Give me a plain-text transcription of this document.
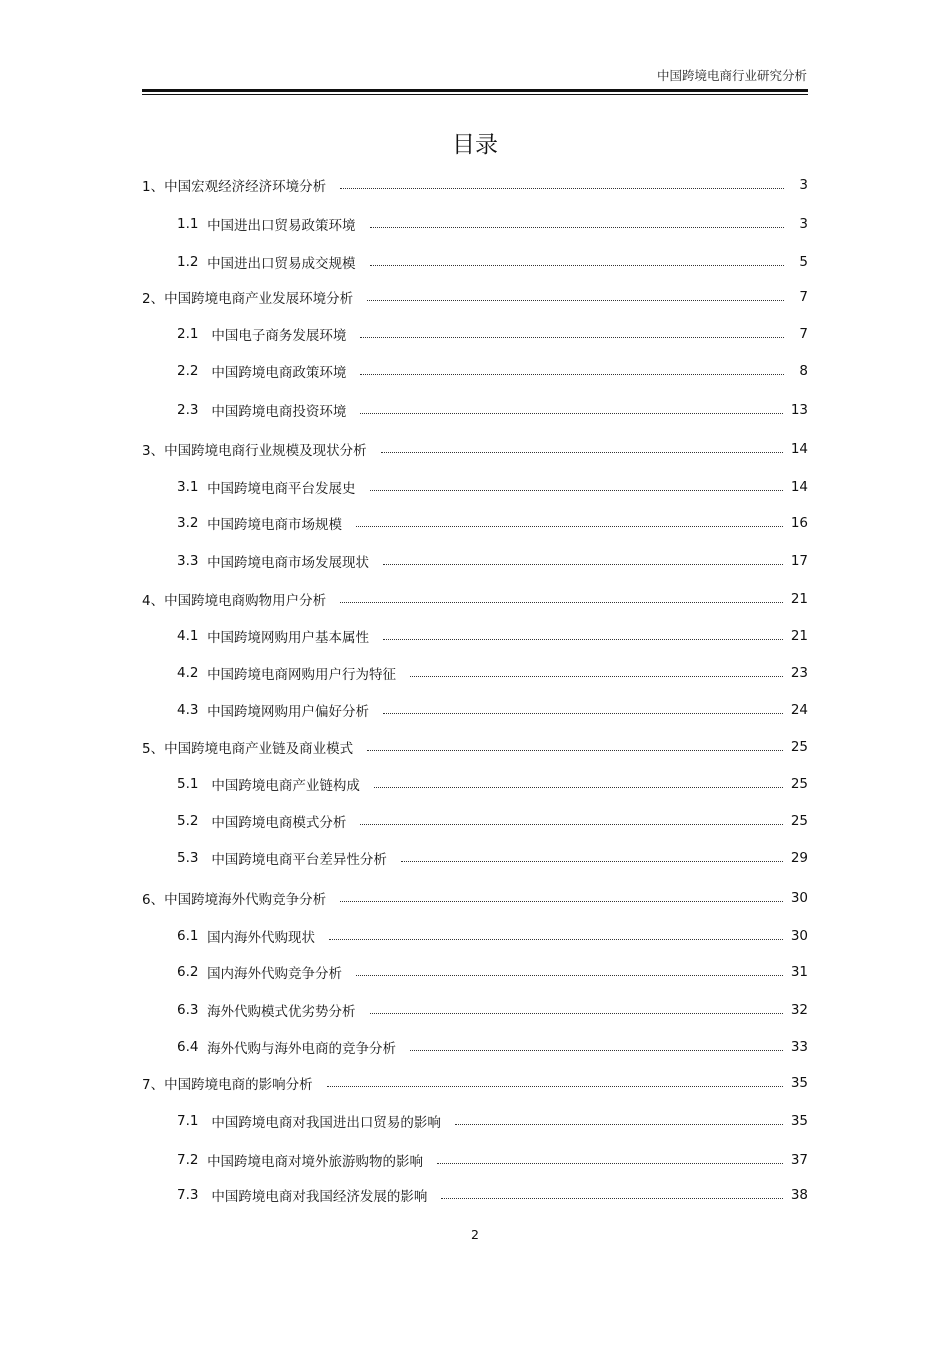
中国跨境电商行业研究分析
目录
1、 中国宏观经济经济环境分析	3
1.1 中国进出口贸易政策环境	3
1.2 中国进出口贸易成交规模	5
2、 中国跨境电商产业发展环境分析	7
2.1 中国电子商务发展环境	7
2.2 中国跨境电商政策环境	8
2.3 中国跨境电商投资环境	13
3、 中国跨境电商行业规模及现状分析	14
3.1 中国跨境电商平台发展史	14
3.2 中国跨境电商市场规模	16
3.3 中国跨境电商市场发展现状	17
4、 中国跨境电商购物用户分析	21
4.1 中国跨境网购用户基本属性	21
4.2 中国跨境电商网购用户行为特征	23
4.3 中国跨境网购用户偏好分析	24
5、 中国跨境电商产业链及商业模式	25
5.1 中国跨境电商产业链构成	25
5.2 中国跨境电商模式分析	25
5.3 中国跨境电商平台差异性分析	29
6、 中国跨境海外代购竞争分析	30
6.1 国内海外代购现状	30
6.2 国内海外代购竞争分析	31
6.3 海外代购模式优劣势分析	32
6.4 海外代购与海外电商的竞争分析	33
7、 中国跨境电商的影响分析	35
7.1 中国跨境电商对我国进出口贸易的影响	35
7.2 中国跨境电商对境外旅游购物的影响	37
7.3 中国跨境电商对我国经济发展的影响	38
2
